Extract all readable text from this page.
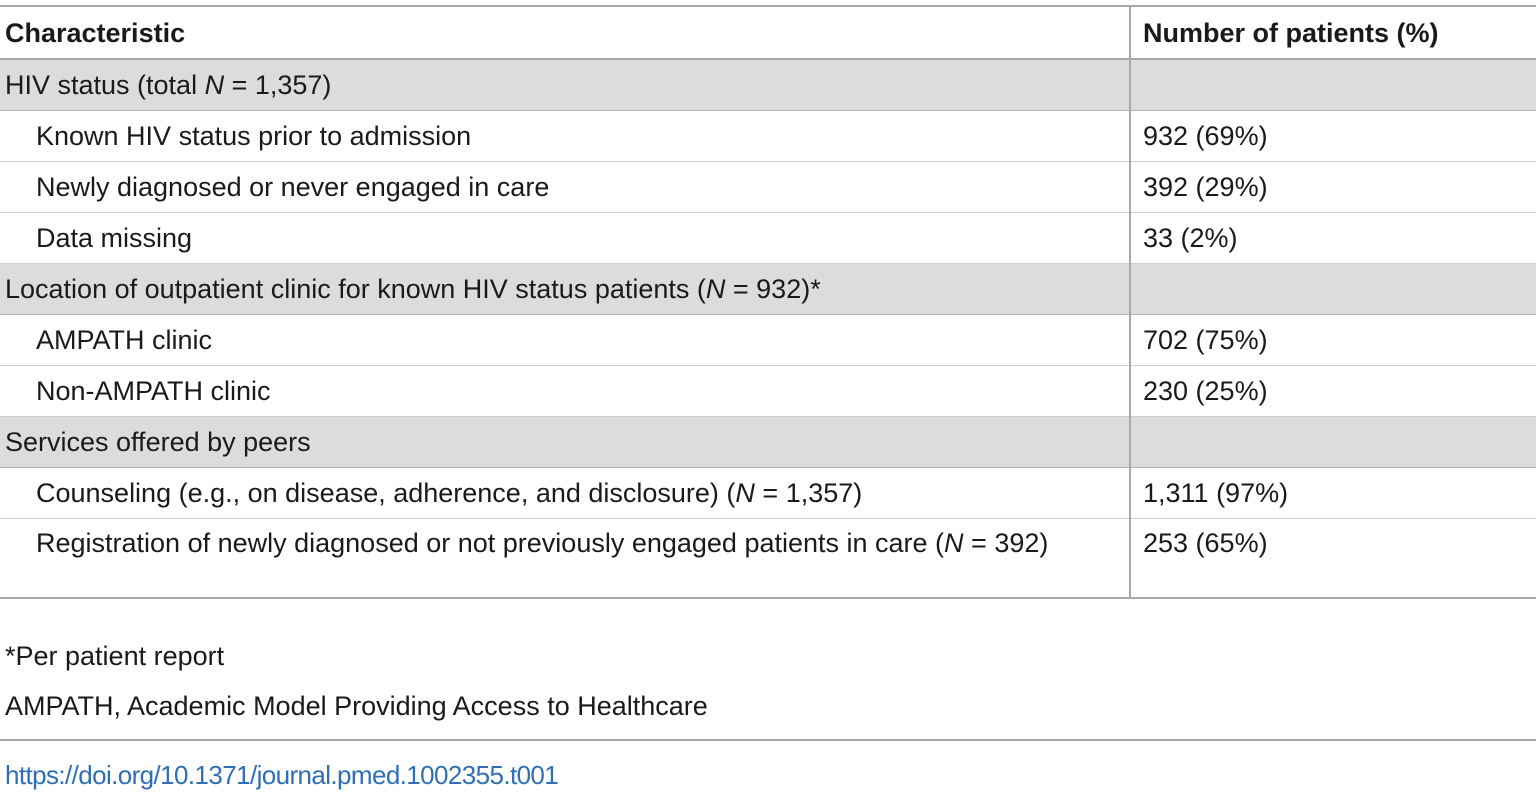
Characteristic	Number of patients (%)
HIV status (total N = 1,357)	
Known HIV status prior to admission	932 (69%)
Newly diagnosed or never engaged in care	392 (29%)
Data missing	33 (2%)
Location of outpatient clinic for known HIV status patients (N = 932)*	
AMPATH clinic	702 (75%)
Non-AMPATH clinic	230 (25%)
Services offered by peers	
Counseling (e.g., on disease, adherence, and disclosure) (N = 1,357)	1,311 (97%)
Registration of newly diagnosed or not previously engaged patients in care (N = 392)	253 (65%)

*Per patient report

AMPATH, Academic Model Providing Access to Healthcare

https://doi.org/10.1371/journal.pmed.1002355.t001
